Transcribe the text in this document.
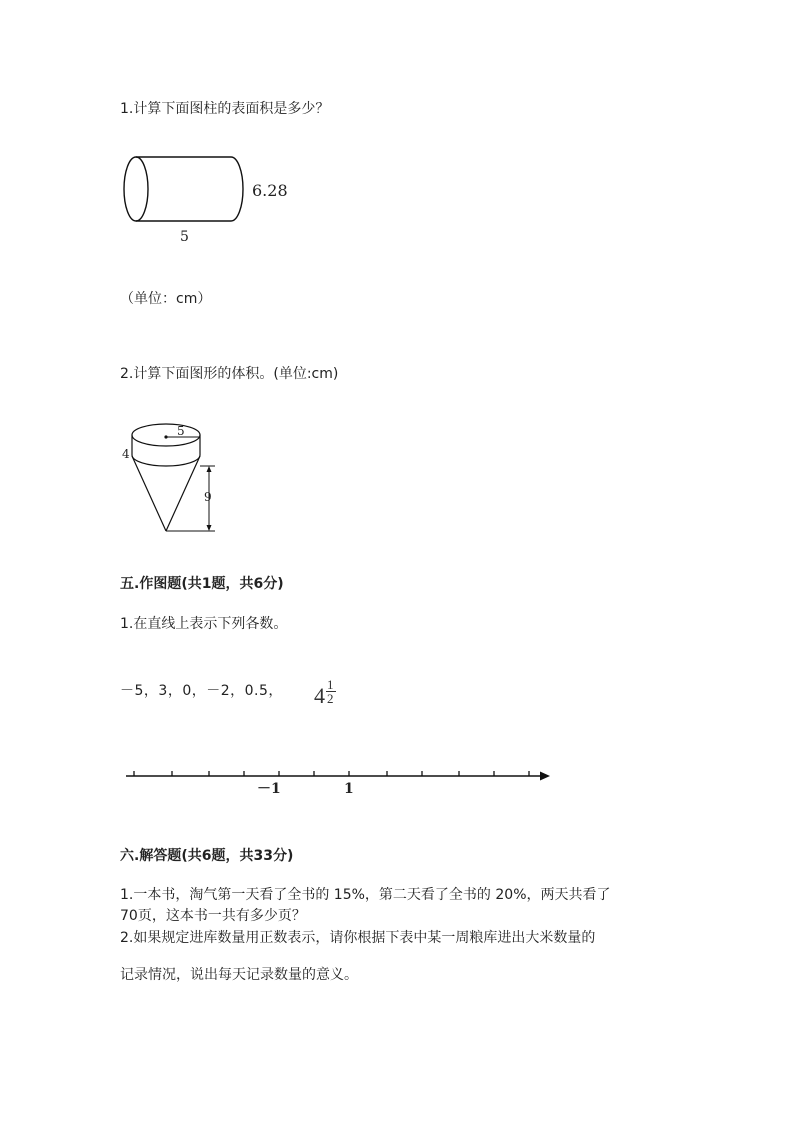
1.计算下面图柱的表面积是多少？
6.28
5
（单位：cm）
2.计算下面图形的体积。(单位:cm)
5
4
9
五.作图题(共1题，共6分)
1.在直线上表示下列各数。
－5，3，0，－2，0.5， 4 1
2
－1	1
六.解答题(共6题，共33分)
1.一本书，淘气第一天看了全书的 15%，第二天看了全书的 20%，两天共看了
70页，这本书一共有多少页？
2.如果规定进库数量用正数表示，请你根据下表中某一周粮库进出大米数量的
记录情况，说出每天记录数量的意义。
